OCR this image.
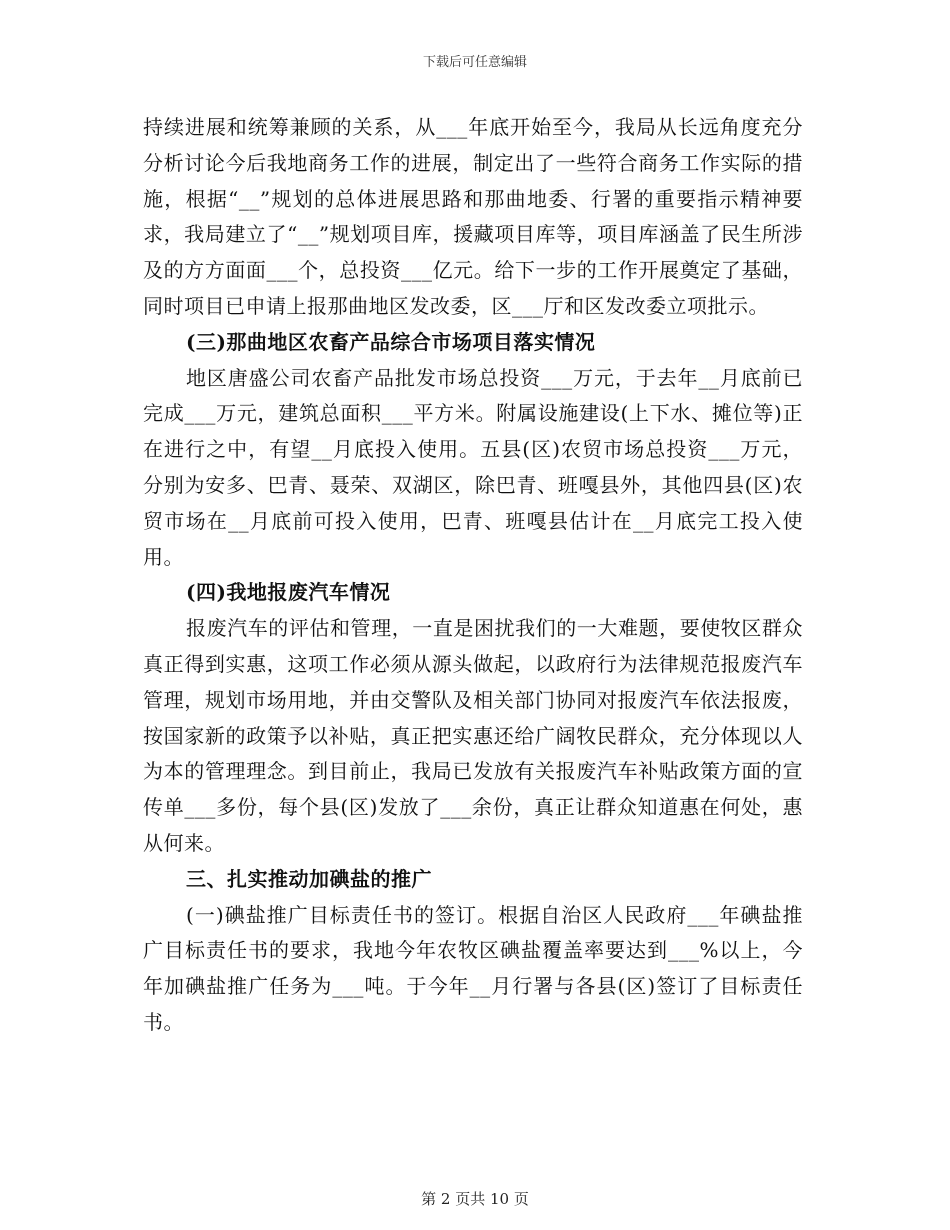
下载后可任意编辑

持续进展和统筹兼顾的关系，从___年底开始至今，我局从长远角度充分分析讨论今后我地商务工作的进展，制定出了一些符合商务工作实际的措施，根据“__”规划的总体进展思路和那曲地委、行署的重要指示精神要求，我局建立了“__”规划项目库，援藏项目库等，项目库涵盖了民生所涉及的方方面面___个，总投资___亿元。给下一步的工作开展奠定了基础，同时项目已申请上报那曲地区发改委，区___厅和区发改委立项批示。

(三)那曲地区农畜产品综合市场项目落实情况

地区唐盛公司农畜产品批发市场总投资___万元，于去年__月底前已完成___万元，建筑总面积___平方米。附属设施建设(上下水、摊位等)正在进行之中，有望__月底投入使用。五县(区)农贸市场总投资___万元，分别为安多、巴青、聂荣、双湖区，除巴青、班嘎县外，其他四县(区)农贸市场在__月底前可投入使用，巴青、班嘎县估计在__月底完工投入使用。

(四)我地报废汽车情况

报废汽车的评估和管理，一直是困扰我们的一大难题，要使牧区群众真正得到实惠，这项工作必须从源头做起，以政府行为法律规范报废汽车管理，规划市场用地，并由交警队及相关部门协同对报废汽车依法报废，按国家新的政策予以补贴，真正把实惠还给广阔牧民群众，充分体现以人为本的管理理念。到目前止，我局已发放有关报废汽车补贴政策方面的宣传单___多份，每个县(区)发放了___余份，真正让群众知道惠在何处，惠从何来。

三、扎实推动加碘盐的推广

(一)碘盐推广目标责任书的签订。根据自治区人民政府___年碘盐推广目标责任书的要求，我地今年农牧区碘盐覆盖率要达到___%以上，今年加碘盐推广任务为___吨。于今年__月行署与各县(区)签订了目标责任书。

第 2 页共 10 页
